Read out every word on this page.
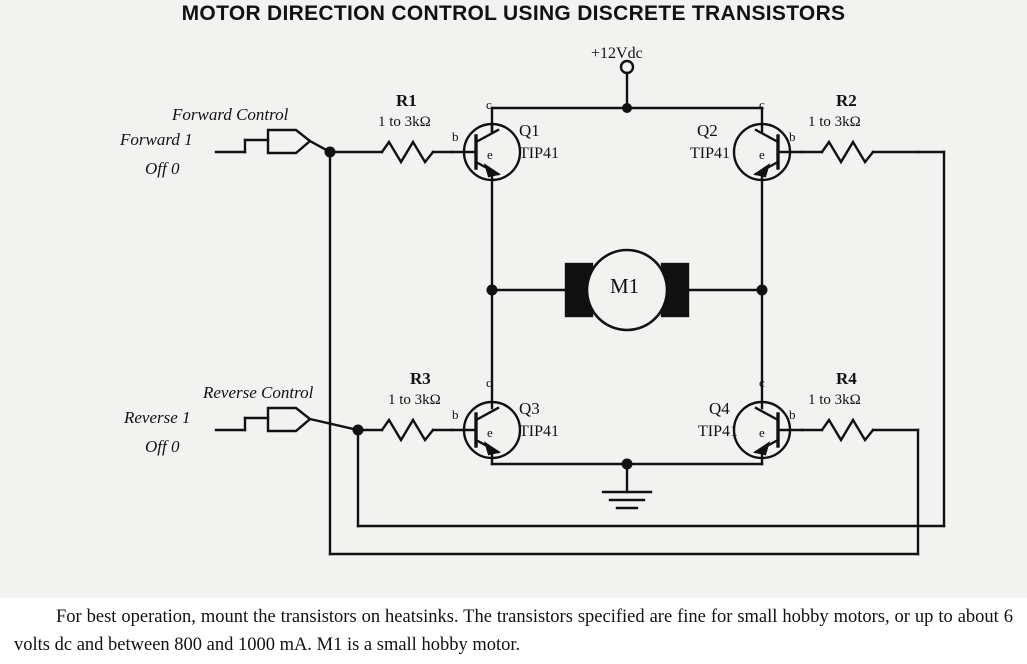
MOTOR DIRECTION CONTROL USING DISCRETE TRANSISTORS
+12Vdc
Forward Control
Forward 1
Off 0
Reverse Control
Reverse 1
Off 0
R1
1 to 3kΩ
R2
1 to 3kΩ
R3
1 to 3kΩ
R4
1 to 3kΩ
Q1
TIP41
c
b
e
Q2
TIP41
c
b
e
Q3
TIP41
c
b
e
Q4
TIP41
c
b
e
M1
For best operation, mount the transistors on heatsinks. The transistors specified are fine for small hobby motors, or up to about 6 volts dc and between 800 and 1000 mA. M1 is a small hobby motor.
